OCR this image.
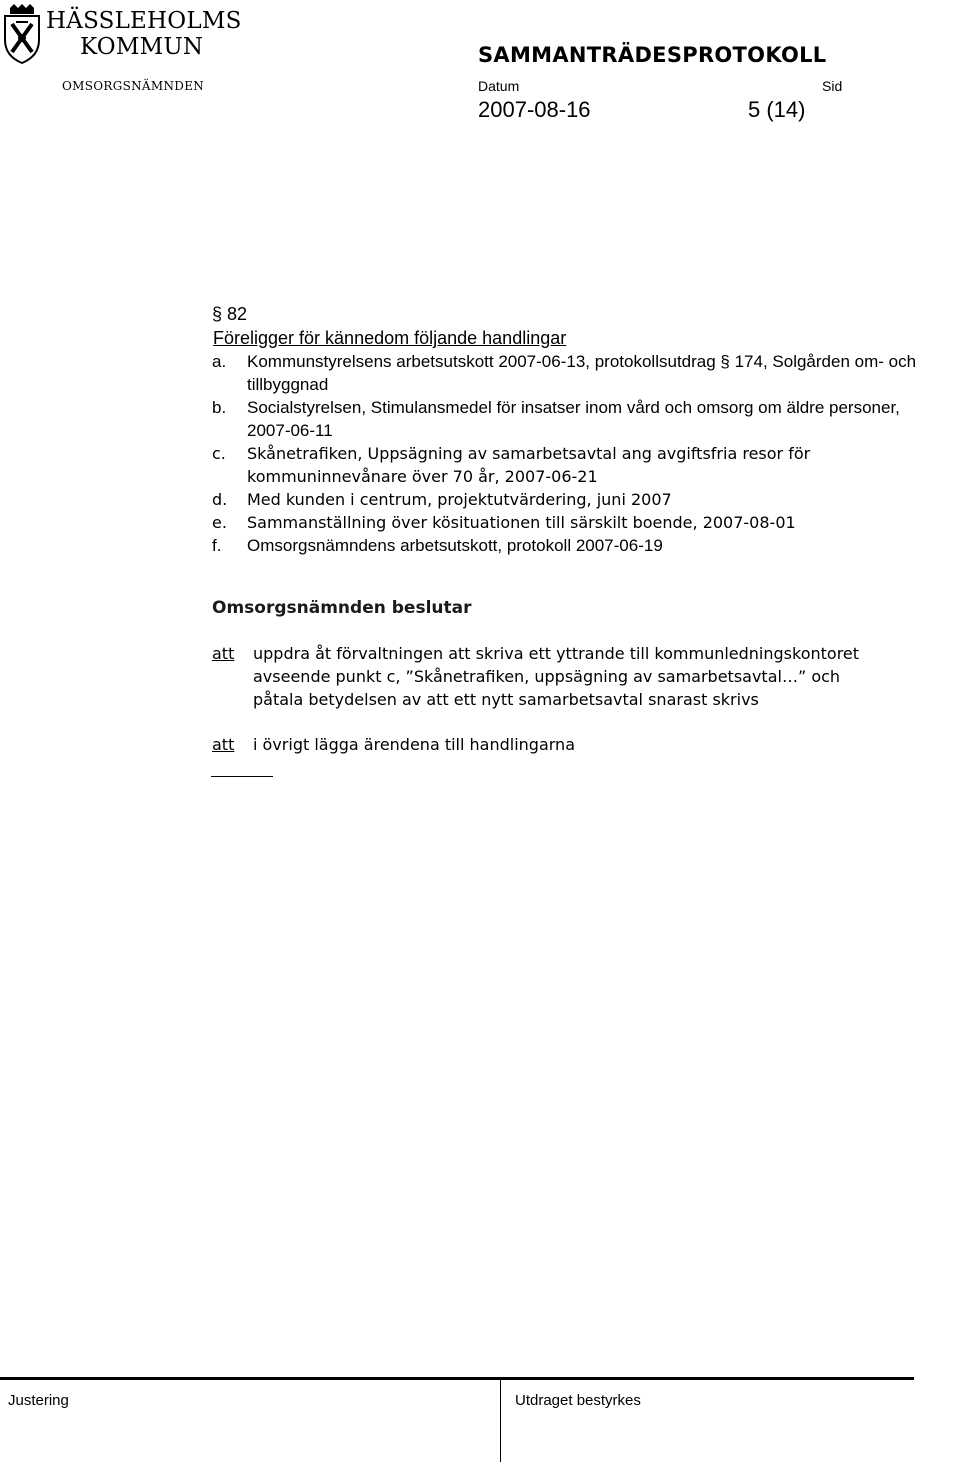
HÄSSLEHOLMS
KOMMUN
OMSORGSNÄMNDEN
SAMMANTRÄDESPROTOKOLL
Datum	Sid
2007-08-16	5 (14)
§ 82
Föreligger för kännedom följande handlingar
a. Kommunstyrelsens arbetsutskott 2007-06-13, protokollsutdrag § 174, Solgården om- och tillbyggnad
b. Socialstyrelsen, Stimulansmedel för insatser inom vård och omsorg om äldre personer, 2007-06-11
c. Skånetrafiken, Uppsägning av samarbetsavtal ang avgiftsfria resor för kommuninnevånare över 70 år, 2007-06-21
d. Med kunden i centrum, projektutvärdering, juni 2007
e. Sammanställning över kösituationen till särskilt boende, 2007-08-01
f. Omsorgsnämndens arbetsutskott, protokoll 2007-06-19
Omsorgsnämnden beslutar
att uppdra åt förvaltningen att skriva ett yttrande till kommunledningskontoret
avseende punkt c, ”Skånetrafiken, uppsägning av samarbetsavtal…” och
påtala betydelsen av att ett nytt samarbetsavtal snarast skrivs
att i övrigt lägga ärendena till handlingarna
Justering	Utdraget bestyrkes
